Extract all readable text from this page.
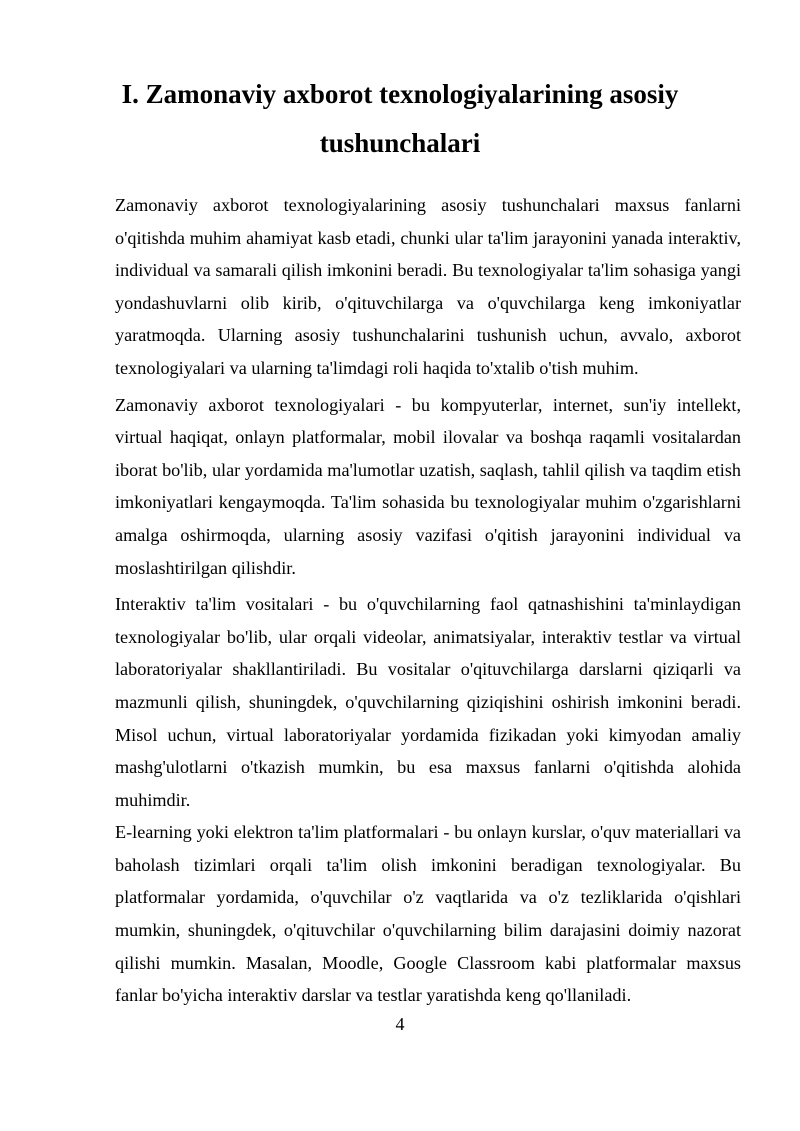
I. Zamonaviy axborot texnologiyalarining asosiy tushunchalari

Zamonaviy axborot texnologiyalarining asosiy tushunchalari maxsus fanlarni o'qitishda muhim ahamiyat kasb etadi, chunki ular ta'lim jarayonini yanada interaktiv, individual va samarali qilish imkonini beradi. Bu texnologiyalar ta'lim sohasiga yangi yondashuvlarni olib kirib, o'qituvchilarga va o'quvchilarga keng imkoniyatlar yaratmoqda. Ularning asosiy tushunchalarini tushunish uchun, avvalo, axborot texnologiyalari va ularning ta'limdagi roli haqida to'xtalib o'tish muhim.

Zamonaviy axborot texnologiyalari - bu kompyuterlar, internet, sun'iy intellekt, virtual haqiqat, onlayn platformalar, mobil ilovalar va boshqa raqamli vositalardan iborat bo'lib, ular yordamida ma'lumotlar uzatish, saqlash, tahlil qilish va taqdim etish imkoniyatlari kengaymoqda. Ta'lim sohasida bu texnologiyalar muhim o'zgarishlarni amalga oshirmoqda, ularning asosiy vazifasi o'qitish jarayonini individual va moslashtirilgan qilishdir.

Interaktiv ta'lim vositalari - bu o'quvchilarning faol qatnashishini ta'minlaydigan texnologiyalar bo'lib, ular orqali videolar, animatsiyalar, interaktiv testlar va virtual laboratoriyalar shakllantiriladi. Bu vositalar o'qituvchilarga darslarni qiziqarli va mazmunli qilish, shuningdek, o'quvchilarning qiziqishini oshirish imkonini beradi. Misol uchun, virtual laboratoriyalar yordamida fizikadan yoki kimyodan amaliy mashg'ulotlarni o'tkazish mumkin, bu esa maxsus fanlarni o'qitishda alohida muhimdir.

E-learning yoki elektron ta'lim platformalari - bu onlayn kurslar, o'quv materiallari va baholash tizimlari orqali ta'lim olish imkonini beradigan texnologiyalar. Bu platformalar yordamida, o'quvchilar o'z vaqtlarida va o'z tezliklarida o'qishlari mumkin, shuningdek, o'qituvchilar o'quvchilarning bilim darajasini doimiy nazorat qilishi mumkin. Masalan, Moodle, Google Classroom kabi platformalar maxsus fanlar bo'yicha interaktiv darslar va testlar yaratishda keng qo'llaniladi.

4
